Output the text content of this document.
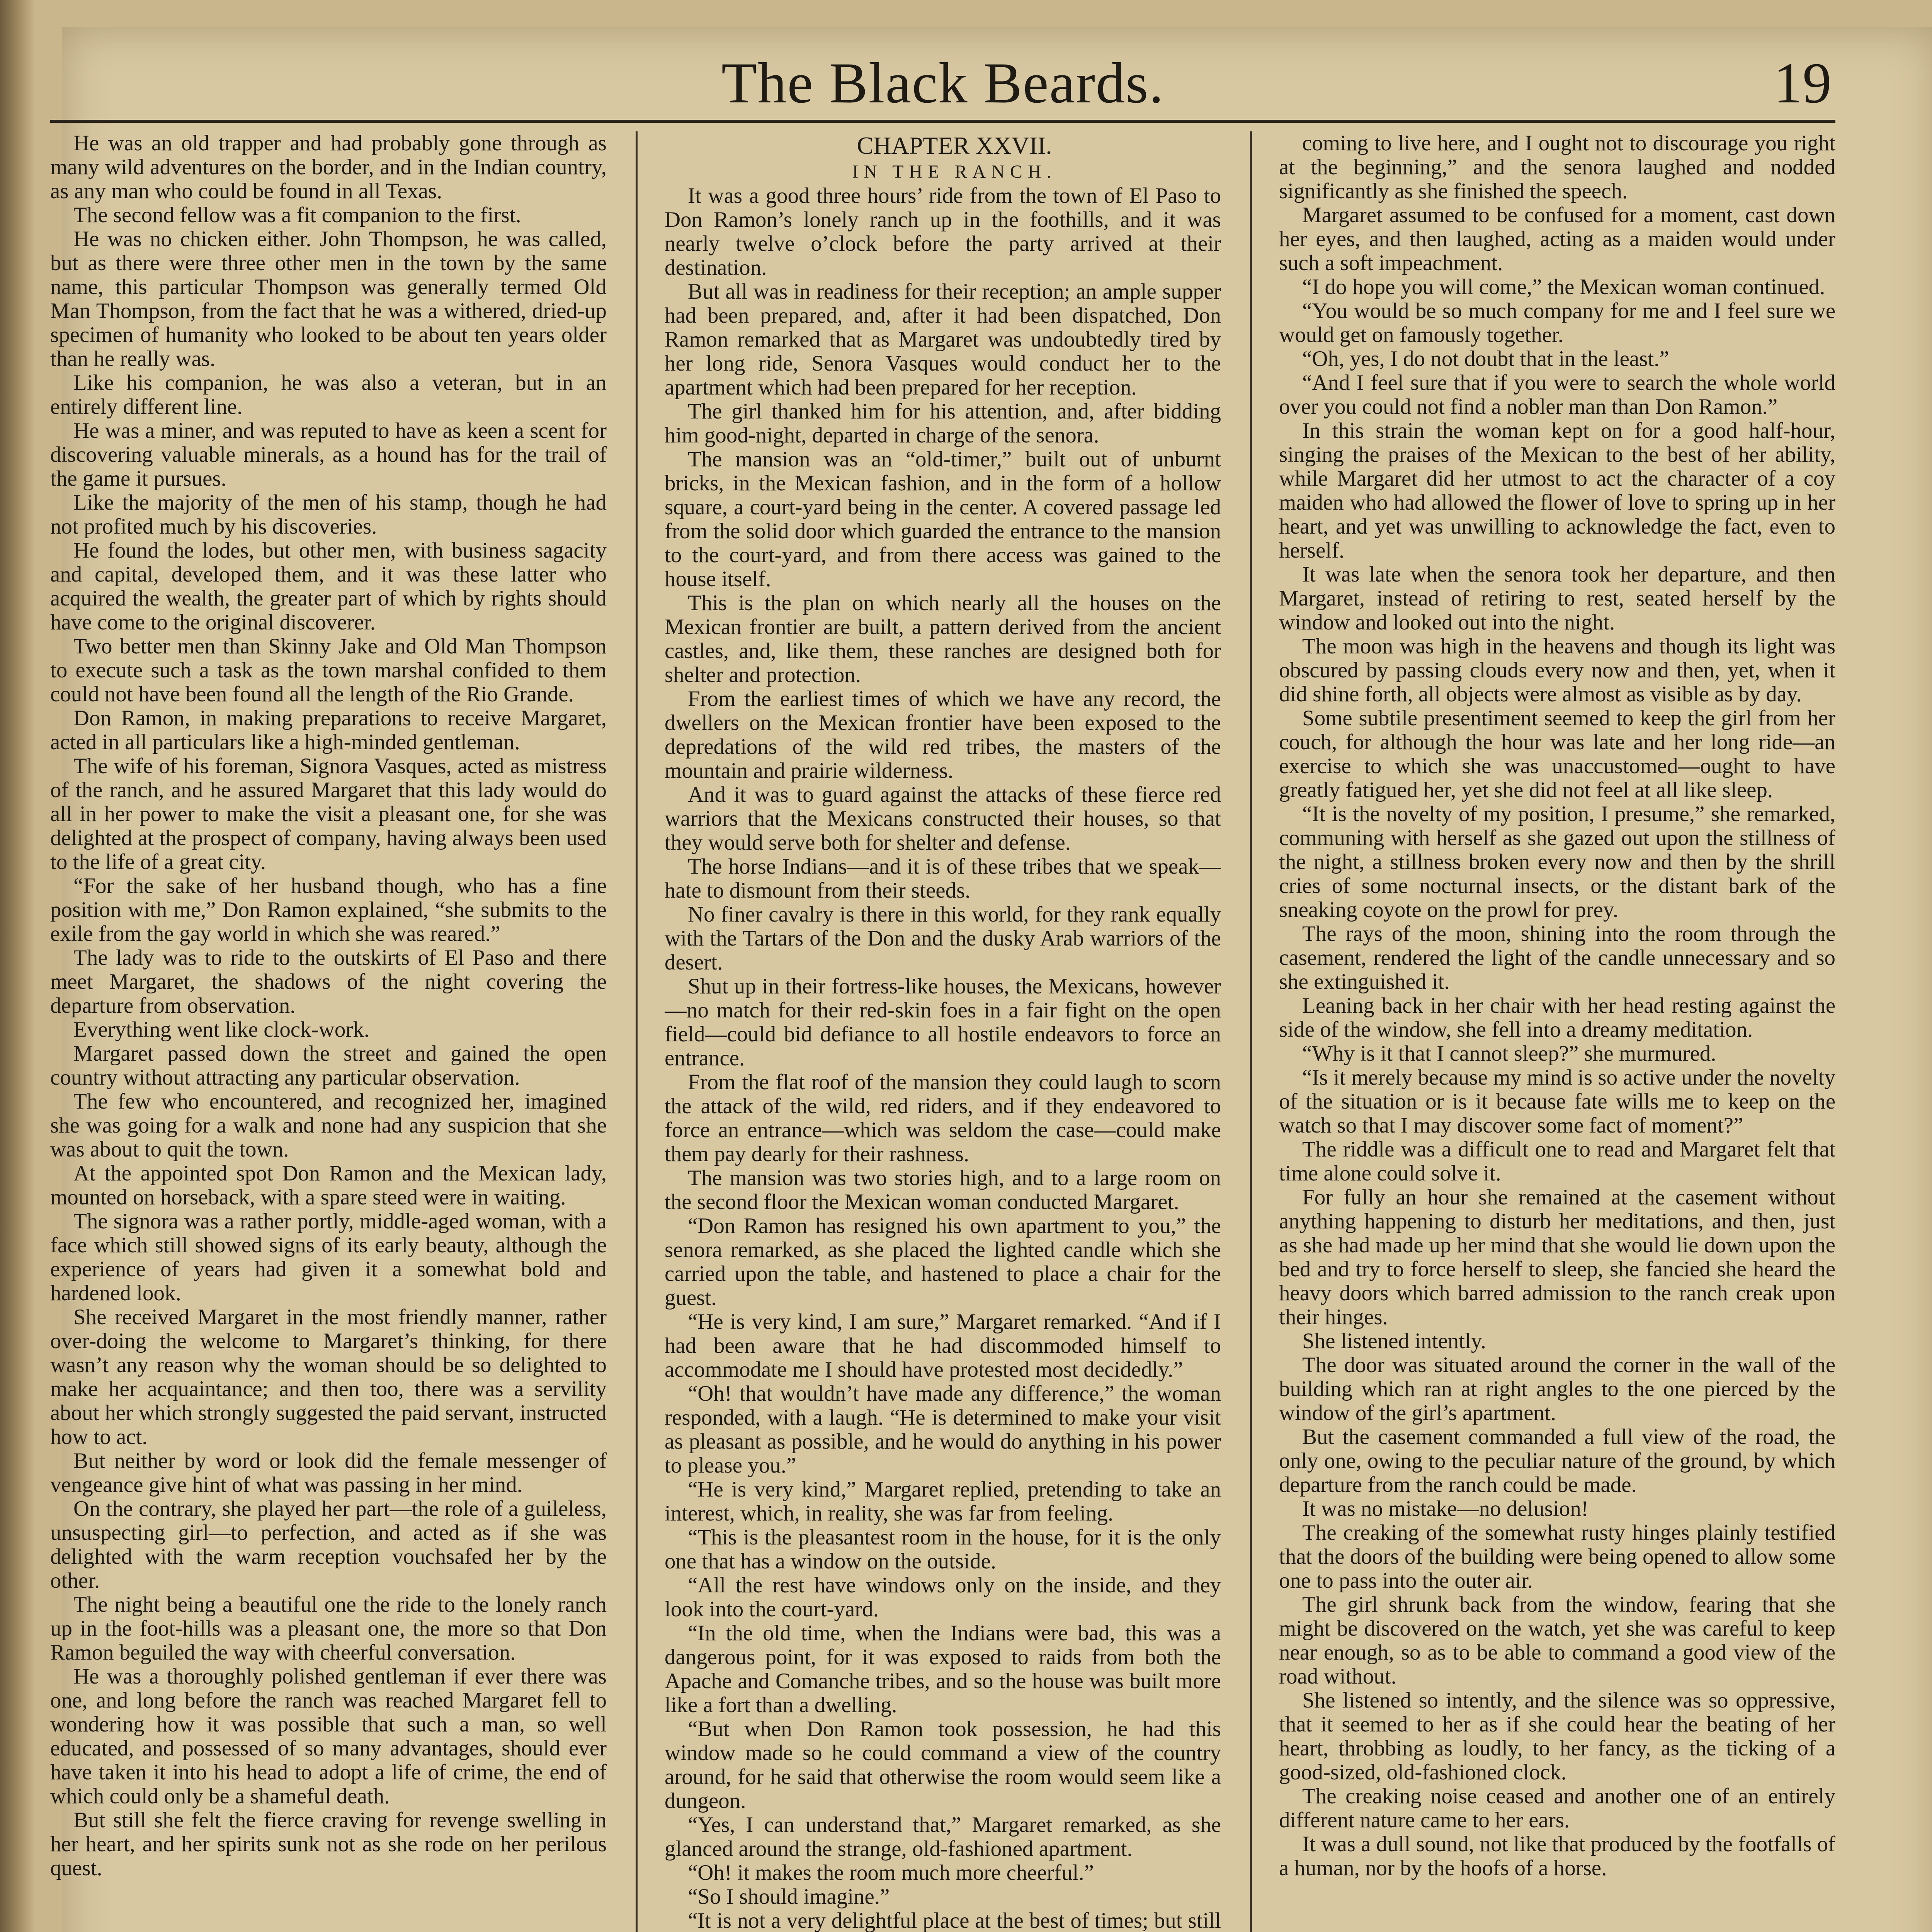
The Black Beards.	19

He was an old trapper and had probably gone through as many wild adventures on the border, and in the Indian country, as any man who could be found in all Texas.

The second fellow was a fit companion to the first.

He was no chicken either. John Thompson, he was called, but as there were three other men in the town by the same name, this particular Thompson was generally termed Old Man Thompson, from the fact that he was a withered, dried-up specimen of humanity who looked to be about ten years older than he really was.

Like his companion, he was also a veteran, but in an entirely different line.

He was a miner, and was reputed to have as keen a scent for discovering valuable minerals, as a hound has for the trail of the game it pursues.

Like the majority of the men of his stamp, though he had not profited much by his discoveries.

He found the lodes, but other men, with business sagacity and capital, developed them, and it was these latter who acquired the wealth, the greater part of which by rights should have come to the original discoverer.

Two better men than Skinny Jake and Old Man Thompson to execute such a task as the town marshal confided to them could not have been found all the length of the Rio Grande.

Don Ramon, in making preparations to receive Margaret, acted in all particulars like a high-minded gentleman.

The wife of his foreman, Signora Vasques, acted as mistress of the ranch, and he assured Margaret that this lady would do all in her power to make the visit a pleasant one, for she was delighted at the prospect of company, having always been used to the life of a great city.

“For the sake of her husband though, who has a fine position with me,” Don Ramon explained, “she submits to the exile from the gay world in which she was reared.”

The lady was to ride to the outskirts of El Paso and there meet Margaret, the shadows of the night covering the departure from observation.

Everything went like clock-work.

Margaret passed down the street and gained the open country without attracting any particular observation.

The few who encountered, and recognized her, imagined she was going for a walk and none had any suspicion that she was about to quit the town.

At the appointed spot Don Ramon and the Mexican lady, mounted on horseback, with a spare steed were in waiting.

The signora was a rather portly, middle-aged woman, with a face which still showed signs of its early beauty, although the experience of years had given it a somewhat bold and hardened look.

She received Margaret in the most friendly manner, rather over-doing the welcome to Margaret’s thinking, for there wasn’t any reason why the woman should be so delighted to make her acquaintance; and then too, there was a servility about her which strongly suggested the paid servant, instructed how to act.

But neither by word or look did the female messenger of vengeance give hint of what was passing in her mind.

On the contrary, she played her part—the role of a guileless, unsuspecting girl—to perfection, and acted as if she was delighted with the warm reception vouchsafed her by the other.

The night being a beautiful one the ride to the lonely ranch up in the foot-hills was a pleasant one, the more so that Don Ramon beguiled the way with cheerful conversation.

He was a thoroughly polished gentleman if ever there was one, and long before the ranch was reached Margaret fell to wondering how it was possible that such a man, so well educated, and possessed of so many advantages, should ever have taken it into his head to adopt a life of crime, the end of which could only be a shameful death.

But still she felt the fierce craving for revenge swelling in her heart, and her spirits sunk not as she rode on her perilous quest.

CHAPTER XXVII.

IN THE RANCH.

It was a good three hours’ ride from the town of El Paso to Don Ramon’s lonely ranch up in the foothills, and it was nearly twelve o’clock before the party arrived at their destination.

But all was in readiness for their reception; an ample supper had been prepared, and, after it had been dispatched, Don Ramon remarked that as Margaret was undoubtedly tired by her long ride, Senora Vasques would conduct her to the apartment which had been prepared for her reception.

The girl thanked him for his attention, and, after bidding him good-night, departed in charge of the senora.

The mansion was an “old-timer,” built out of unburnt bricks, in the Mexican fashion, and in the form of a hollow square, a court-yard being in the center. A covered passage led from the solid door which guarded the entrance to the mansion to the court-yard, and from there access was gained to the house itself.

This is the plan on which nearly all the houses on the Mexican frontier are built, a pattern derived from the ancient castles, and, like them, these ranches are designed both for shelter and protection.

From the earliest times of which we have any record, the dwellers on the Mexican frontier have been exposed to the depredations of the wild red tribes, the masters of the mountain and prairie wilderness.

And it was to guard against the attacks of these fierce red warriors that the Mexicans constructed their houses, so that they would serve both for shelter and defense.

The horse Indians—and it is of these tribes that we speak—hate to dismount from their steeds.

No finer cavalry is there in this world, for they rank equally with the Tartars of the Don and the dusky Arab warriors of the desert.

Shut up in their fortress-like houses, the Mexicans, however—no match for their red-skin foes in a fair fight on the open field—could bid defiance to all hostile endeavors to force an entrance.

From the flat roof of the mansion they could laugh to scorn the attack of the wild, red riders, and if they endeavored to force an entrance—which was seldom the case—could make them pay dearly for their rashness.

The mansion was two stories high, and to a large room on the second floor the Mexican woman conducted Margaret.

“Don Ramon has resigned his own apartment to you,” the senora remarked, as she placed the lighted candle which she carried upon the table, and hastened to place a chair for the guest.

“He is very kind, I am sure,” Margaret remarked. “And if I had been aware that he had discommoded himself to accommodate me I should have protested most decidedly.”

“Oh! that wouldn’t have made any difference,” the woman responded, with a laugh. “He is determined to make your visit as pleasant as possible, and he would do anything in his power to please you.”

“He is very kind,” Margaret replied, pretending to take an interest, which, in reality, she was far from feeling.

“This is the pleasantest room in the house, for it is the only one that has a window on the outside.

“All the rest have windows only on the inside, and they look into the court-yard.

“In the old time, when the Indians were bad, this was a dangerous point, for it was exposed to raids from both the Apache and Comanche tribes, and so the house was built more like a fort than a dwelling.

“But when Don Ramon took possession, he had this window made so he could command a view of the country around, for he said that otherwise the room would seem like a dungeon.

“Yes, I can understand that,” Margaret remarked, as she glanced around the strange, old-fashioned apartment.

“Oh! it makes the room much more cheerful.”

“So I should imagine.”

“It is not a very delightful place at the best of times; but still

coming to live here, and I ought not to discourage you right at the beginning,” and the senora laughed and nodded significantly as she finished the speech.

Margaret assumed to be confused for a moment, cast down her eyes, and then laughed, acting as a maiden would under such a soft impeachment.

“I do hope you will come,” the Mexican woman continued.

“You would be so much company for me and I feel sure we would get on famously together.

“Oh, yes, I do not doubt that in the least.”

“And I feel sure that if you were to search the whole world over you could not find a nobler man than Don Ramon.”

In this strain the woman kept on for a good half-hour, singing the praises of the Mexican to the best of her ability, while Margaret did her utmost to act the character of a coy maiden who had allowed the flower of love to spring up in her heart, and yet was unwilling to acknowledge the fact, even to herself.

It was late when the senora took her departure, and then Margaret, instead of retiring to rest, seated herself by the window and looked out into the night.

The moon was high in the heavens and though its light was obscured by passing clouds every now and then, yet, when it did shine forth, all objects were almost as visible as by day.

Some subtile presentiment seemed to keep the girl from her couch, for although the hour was late and her long ride—an exercise to which she was unaccustomed—ought to have greatly fatigued her, yet she did not feel at all like sleep.

“It is the novelty of my position, I presume,” she remarked, communing with herself as she gazed out upon the stillness of the night, a stillness broken every now and then by the shrill cries of some nocturnal insects, or the distant bark of the sneaking coyote on the prowl for prey.

The rays of the moon, shining into the room through the casement, rendered the light of the candle unnecessary and so she extinguished it.

Leaning back in her chair with her head resting against the side of the window, she fell into a dreamy meditation.

“Why is it that I cannot sleep?” she murmured.

“Is it merely because my mind is so active under the novelty of the situation or is it because fate wills me to keep on the watch so that I may discover some fact of moment?”

The riddle was a difficult one to read and Margaret felt that time alone could solve it.

For fully an hour she remained at the casement without anything happening to disturb her meditations, and then, just as she had made up her mind that she would lie down upon the bed and try to force herself to sleep, she fancied she heard the heavy doors which barred admission to the ranch creak upon their hinges.

She listened intently.

The door was situated around the corner in the wall of the building which ran at right angles to the one pierced by the window of the girl’s apartment.

But the casement commanded a full view of the road, the only one, owing to the peculiar nature of the ground, by which departure from the ranch could be made.

It was no mistake—no delusion!

The creaking of the somewhat rusty hinges plainly testified that the doors of the building were being opened to allow some one to pass into the outer air.

The girl shrunk back from the window, fearing that she might be discovered on the watch, yet she was careful to keep near enough, so as to be able to command a good view of the road without.

She listened so intently, and the silence was so oppressive, that it seemed to her as if she could hear the beating of her heart, throbbing as loudly, to her fancy, as the ticking of a good-sized, old-fashioned clock.

The creaking noise ceased and another one of an entirely different nature came to her ears.

It was a dull sound, not like that produced by the footfalls of a human, nor by the hoofs of a horse.
